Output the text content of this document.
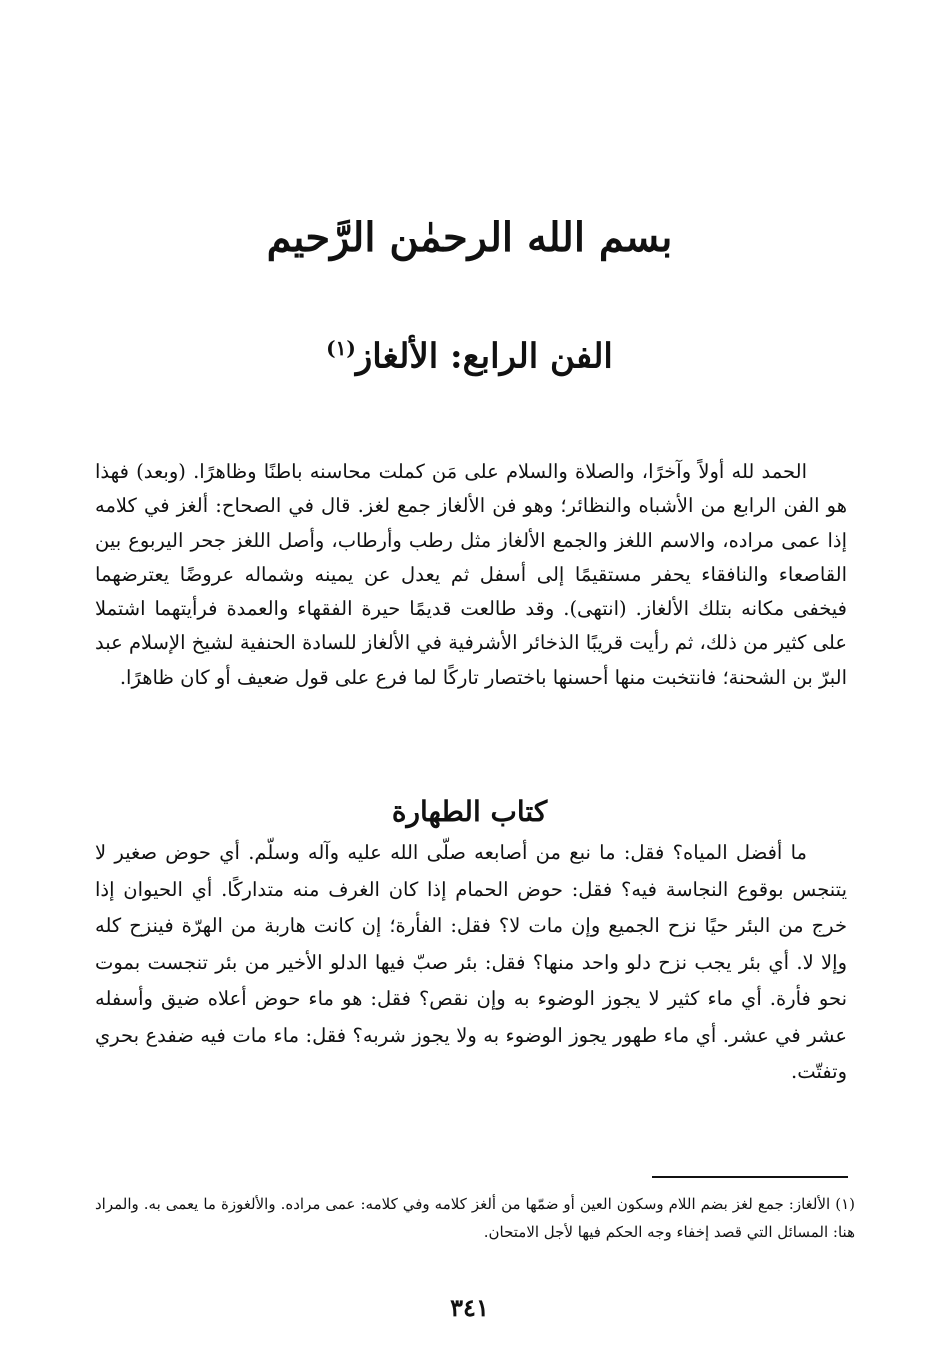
بسم الله الرحمٰن الرَّحيم
الفن الرابع: الألغاز$^{(١)}$

الحمد لله أولاً وآخرًا، والصلاة والسلام على مَن كملت محاسنه باطنًا وظاهرًا. (وبعد) فهذا هو الفن الرابع من الأشباه والنظائر؛ وهو فن الألغاز جمع لغز. قال في الصحاح: ألغز في كلامه إذا عمى مراده، والاسم اللغز والجمع الألغاز مثل رطب وأرطاب، وأصل اللغز جحر اليربوع بين القاصعاء والنافقاء يحفر مستقيمًا إلى أسفل ثم يعدل عن يمينه وشماله عروضًا يعترضهما فيخفى مكانه بتلك الألغاز. (انتهى). وقد طالعت قديمًا حيرة الفقهاء والعمدة فرأيتهما اشتملا على كثير من ذلك، ثم رأيت قريبًا الذخائر الأشرفية في الألغاز للسادة الحنفية لشيخ الإسلام عبد البرّ بن الشحنة؛ فانتخبت منها أحسنها باختصار تاركًا لما فرع على قول ضعيف أو كان ظاهرًا.

كتاب الطهارة

ما أفضل المياه؟ فقل: ما نبع من أصابعه صلّى الله عليه وآله وسلّم. أي حوض صغير لا يتنجس بوقوع النجاسة فيه؟ فقل: حوض الحمام إذا كان الغرف منه متداركًا. أي الحيوان إذا خرج من البئر حيًا نزح الجميع وإن مات لا؟ فقل: الفأرة؛ إن كانت هاربة من الهرّة فينزح كله وإلا لا. أي بئر يجب نزح دلو واحد منها؟ فقل: بئر صبّ فيها الدلو الأخير من بئر تنجست بموت نحو فأرة. أي ماء كثير لا يجوز الوضوء به وإن نقص؟ فقل: هو ماء حوض أعلاه ضيق وأسفله عشر في عشر. أي ماء طهور يجوز الوضوء به ولا يجوز شربه؟ فقل: ماء مات فيه ضفدع بحري وتفتّت.

(١) الألغاز: جمع لغز بضم اللام وسكون العين أو ضمّها من ألغز كلامه وفي كلامه: عمى مراده. والألغوزة ما يعمى به. والمراد هنا: المسائل التي قصد إخفاء وجه الحكم فيها لأجل الامتحان.

٣٤١
